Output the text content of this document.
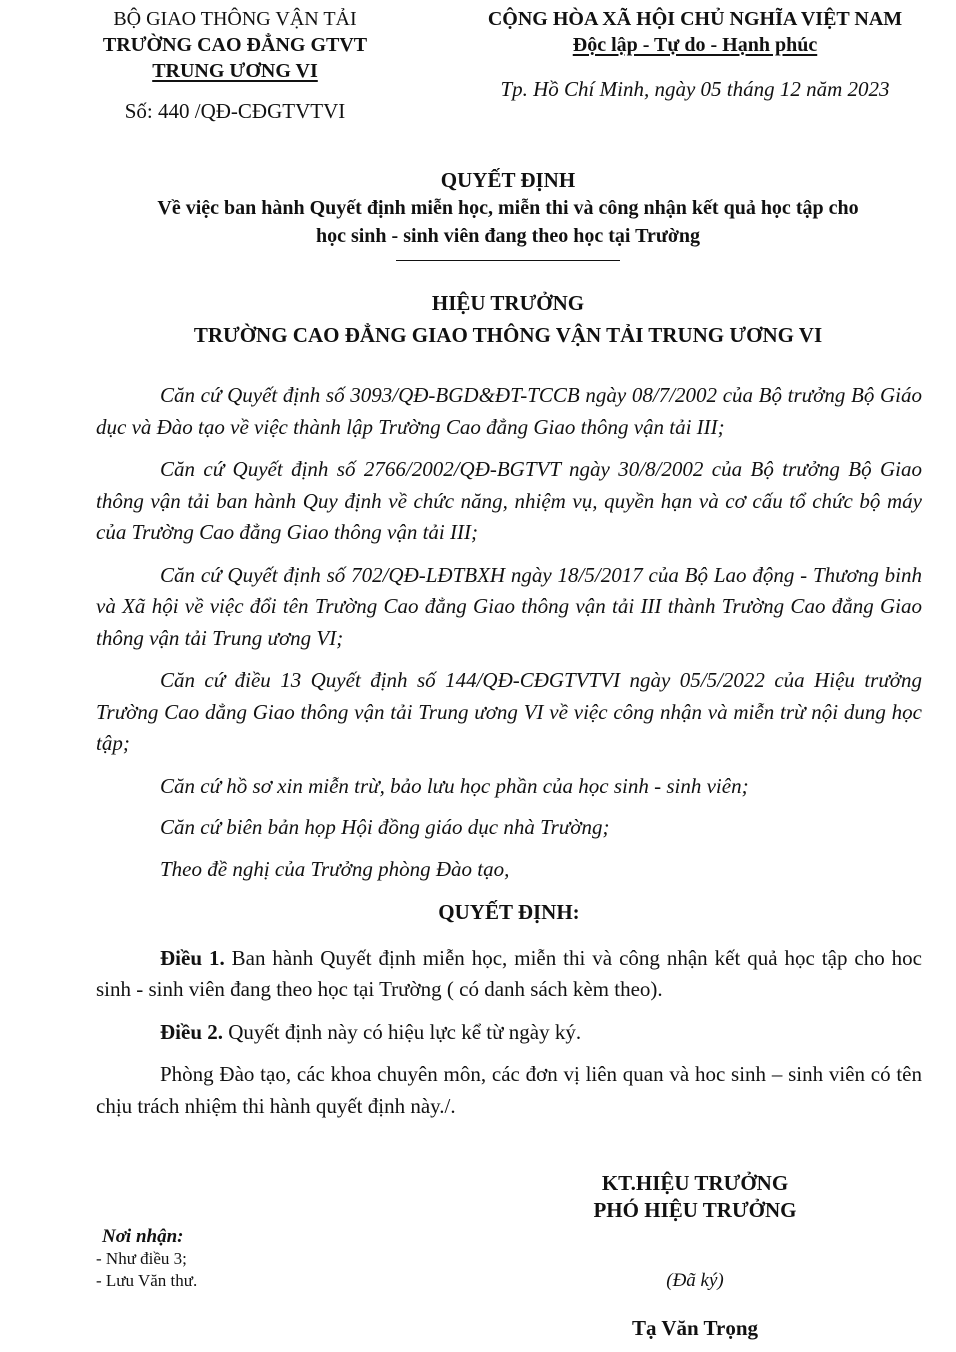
BỘ GIAO THÔNG VẬN TẢI
TRƯỜNG CAO ĐẲNG GTVT
TRUNG ƯƠNG VI
Số: 440 /QĐ-CĐGTVTVI
CỘNG HÒA XÃ HỘI CHỦ NGHĨA VIỆT NAM
Độc lập - Tự do - Hạnh phúc
Tp. Hồ Chí Minh, ngày 05 tháng 12 năm 2023
QUYẾT ĐỊNH
Về việc ban hành Quyết định miễn học, miễn thi và công nhận kết quả học tập cho
học sinh - sinh viên đang theo học tại Trường
HIỆU TRƯỞNG
TRƯỜNG CAO ĐẲNG GIAO THÔNG VẬN TẢI TRUNG ƯƠNG VI

Căn cứ Quyết định số 3093/QĐ-BGD&ĐT-TCCB ngày 08/7/2002 của Bộ trưởng Bộ Giáo dục và Đào tạo về việc thành lập Trường Cao đẳng Giao thông vận tải III;

Căn cứ Quyết định số 2766/2002/QĐ-BGTVT ngày 30/8/2002 của Bộ trưởng Bộ Giao thông vận tải ban hành Quy định về chức năng, nhiệm vụ, quyền hạn và cơ cấu tổ chức bộ máy của Trường Cao đẳng Giao thông vận tải III;

Căn cứ Quyết định số 702/QĐ-LĐTBXH ngày 18/5/2017 của Bộ Lao động - Thương binh và Xã hội về việc đổi tên Trường Cao đẳng Giao thông vận tải III thành Trường Cao đẳng Giao thông vận tải Trung ương VI;

Căn cứ điều 13 Quyết định số 144/QĐ-CĐGTVTVI ngày 05/5/2022 của Hiệu trưởng Trường Cao dẳng Giao thông vận tải Trung ương VI về việc công nhận và miễn trừ nội dung học tập;

Căn cứ hồ sơ xin miễn trừ, bảo lưu học phần của học sinh - sinh viên;

Căn cứ biên bản họp Hội đồng giáo dục nhà Trường;

Theo đề nghị của Trưởng phòng Đào tạo,

QUYẾT ĐỊNH:

Điều 1. Ban hành Quyết định miễn học, miễn thi và công nhận kết quả học tập cho hoc sinh - sinh viên đang theo học tại Trường ( có danh sách kèm theo).

Điều 2. Quyết định này có hiệu lực kể từ ngày ký.

Phòng Đào tạo, các khoa chuyên môn, các đơn vị liên quan và hoc sinh – sinh viên có tên chịu trách nhiệm thi hành quyết định này./.

KT.HIỆU TRƯỞNG
PHÓ HIỆU TRƯỞNG
(Đã ký)
Tạ Văn Trọng
Nơi nhận:
- Như điều 3;
- Lưu Văn thư.
